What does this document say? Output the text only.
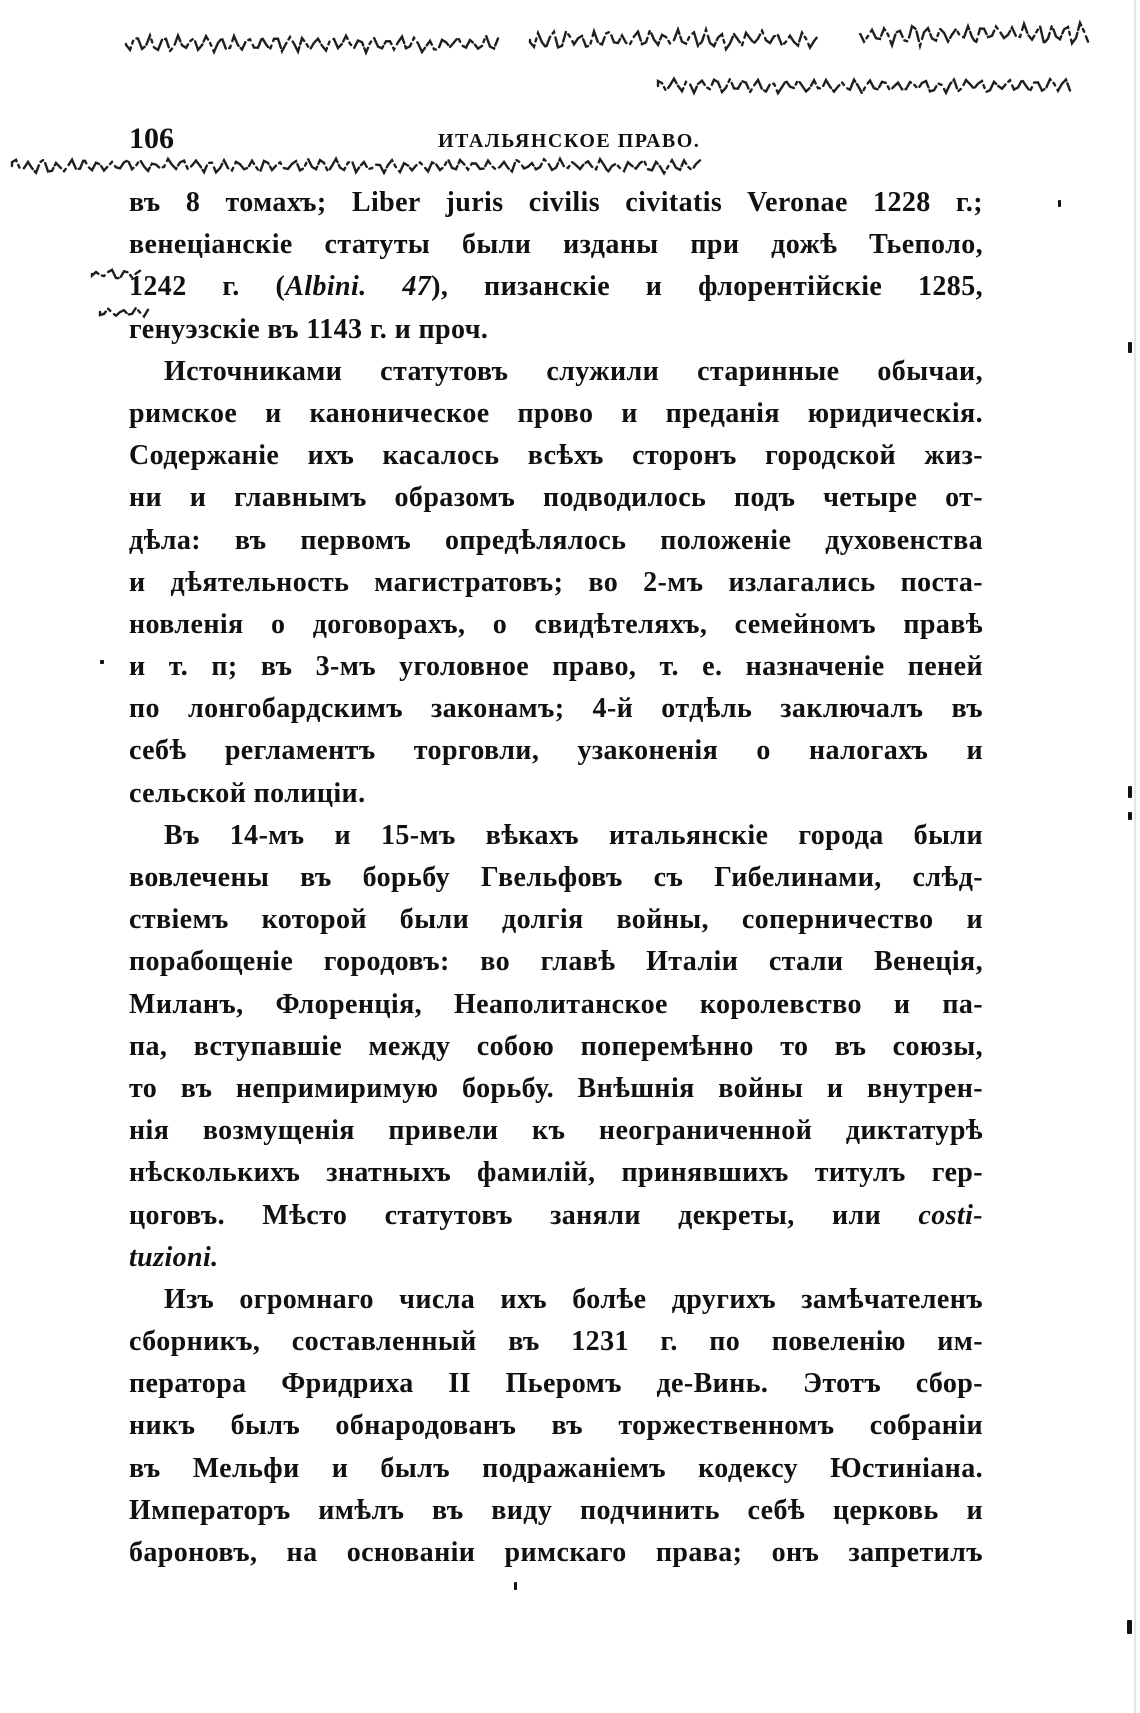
106	ИТАЛЬЯНСКОЕ ПРАВО.
въ 8 томахъ; Liber juris civilis civitatis Veronae 1228 г.;
венеціанскіе статуты были изданы при дожѣ Тьеполо,
1242 г. (Albini. 47), пизанскіе и флорентійскіе 1285,
генуэзскіе въ 1143 г. и проч.
Источниками статутовъ служили старинные обычаи,
римское и каноническое прово и преданія юридическія.
Содержаніе ихъ касалось всѣхъ сторонъ городской жиз-
ни и главнымъ образомъ подводилось подъ четыре от-
дѣла: въ первомъ опредѣлялось положеніе духовенства
и дѣятельность магистратовъ; во 2-мъ излагались поста-
новленія о договорахъ, о свидѣтеляхъ, семейномъ правѣ
и т. п; въ 3-мъ уголовное право, т. е. назначеніе пеней
по лонгобардскимъ законамъ; 4-й отдѣль заключалъ въ
себѣ регламентъ торговли, узаконенія о налогахъ и
сельской полиціи.
Въ 14-мъ и 15-мъ вѣкахъ итальянскіе города были
вовлечены въ борьбу Гвельфовъ съ Гибелинами, слѣд-
ствіемъ которой были долгія войны, соперничество и
порабощеніе городовъ: во главѣ Италіи стали Венеція,
Миланъ, Флоренція, Неаполитанское королевство и па-
па, вступавшіе между собою поперемѣнно то въ союзы,
то въ непримиримую борьбу. Внѣшнія войны и внутрен-
нія возмущенія привели къ неограниченной диктатурѣ
нѣсколькихъ знатныхъ фамилій, принявшихъ титулъ гер-
цоговъ. Мѣсто статутовъ заняли декреты, или costi-
tuzioni.
Изъ огромнаго числа ихъ болѣе другихъ замѣчателенъ
сборникъ, составленный въ 1231 г. по повеленію им-
ператора Фридриха II Пьеромъ де-Винь. Этотъ сбор-
никъ былъ обнародованъ въ торжественномъ собраніи
въ Мельфи и былъ подражаніемъ кодексу Юстиніана.
Императоръ имѣлъ въ виду подчинить себѣ церковь и
бароновъ, на основаніи римскаго права; онъ запретилъ
